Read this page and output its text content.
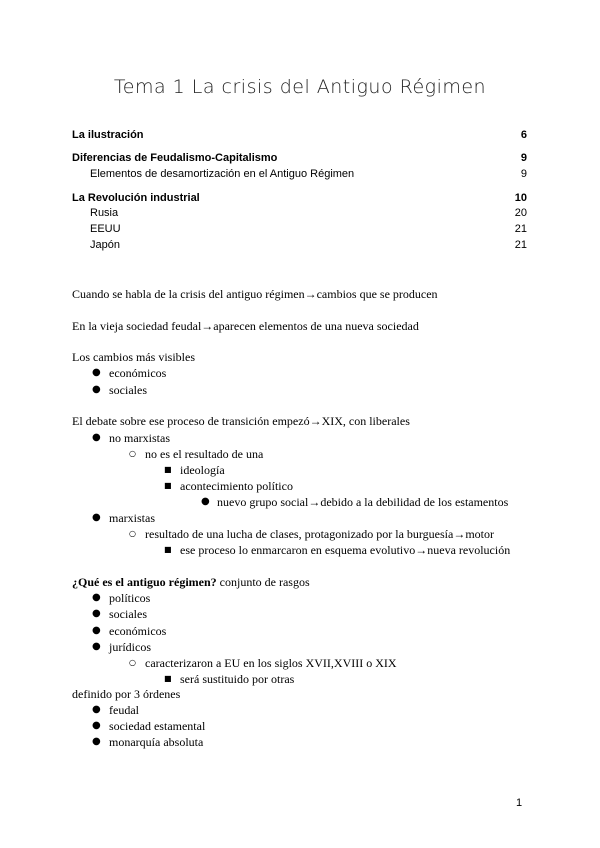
Tema 1 La crisis del Antiguo Régimen
La ilustración	6
Diferencias de Feudalismo-Capitalismo	9
Elementos de desamortización en el Antiguo Régimen	9
La Revolución industrial	10
Rusia	20
EEUU	21
Japón	21
Cuando se habla de la crisis del antiguo régimen→cambios que se producen
En la vieja sociedad feudal→aparecen elementos de una nueva sociedad
Los cambios más visibles
● económicos
● sociales
El debate sobre ese proceso de transición empezó→XIX, con liberales
● no marxistas
○ no es el resultado de una
■ ideología
■ acontecimiento político
● nuevo grupo social→debido a la debilidad de los estamentos
● marxistas
○ resultado de una lucha de clases, protagonizado por la burguesía→motor
■ ese proceso lo enmarcaron en esquema evolutivo→nueva revolución
¿Qué es el antiguo régimen? conjunto de rasgos
● políticos
● sociales
● económicos
● jurídicos
○ caracterizaron a EU en los siglos XVII,XVIII o XIX
■ será sustituido por otras
definido por 3 órdenes
● feudal
● sociedad estamental
● monarquía absoluta
1
